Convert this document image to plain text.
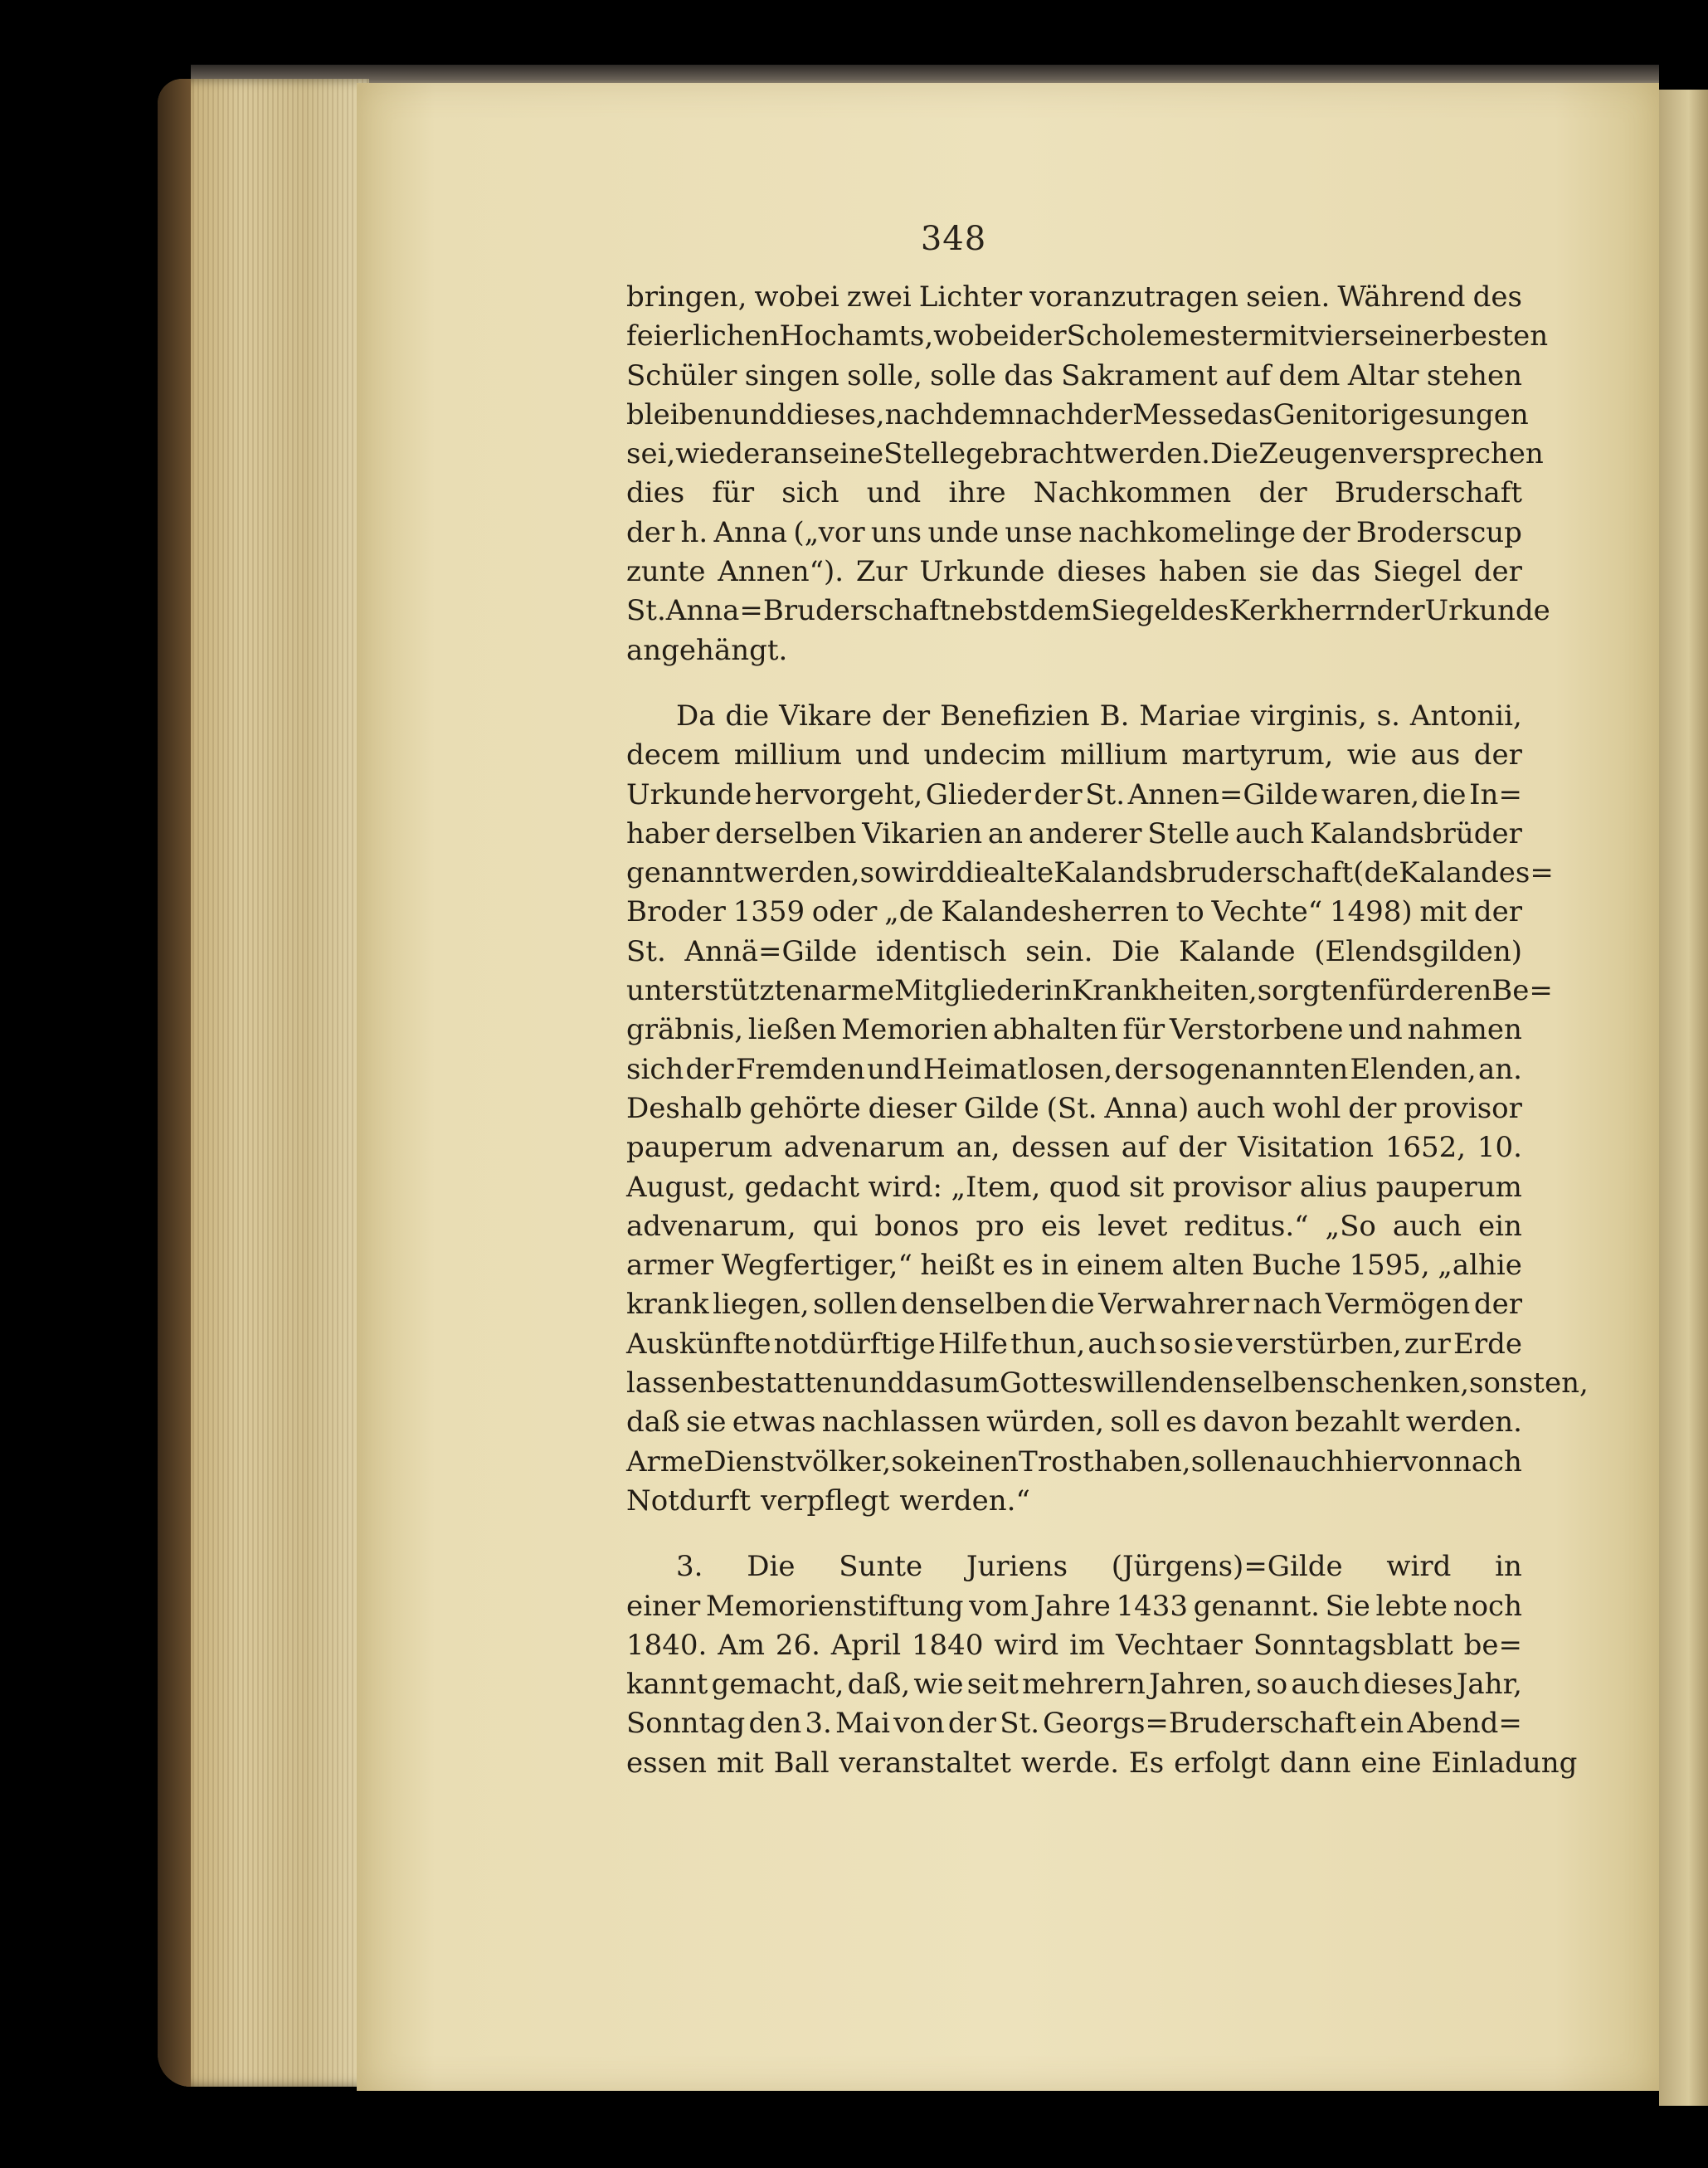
348
bringen, wobei zwei Lichter voranzutragen seien. Während des
feierlichen Hochamts, wobei der Scholemester mit vier seiner besten
Schüler singen solle, solle das Sakrament auf dem Altar stehen
bleiben und dieses, nachdem nach der Messe das Genitori gesungen
sei, wieder an seine Stelle gebracht werden. Die Zeugen versprechen
dies für sich und ihre Nachkommen der Bruderschaft
der h. Anna („vor uns unde unse nachkomelinge der Broderscup
zunte Annen“). Zur Urkunde dieses haben sie das Siegel der
St. Anna=Bruderschaft nebst dem Siegel des Kerkherrn der Urkunde
angehängt.
Da die Vikare der Benefizien B. Mariae virginis, s. Antonii,
decem millium und undecim millium martyrum, wie aus der
Urkunde hervorgeht, Glieder der St. Annen=Gilde waren, die In=
haber derselben Vikarien an anderer Stelle auch Kalandsbrüder
genannt werden, so wird die alte Kalandsbruderschaft (de Kalandes=
Broder 1359 oder „de Kalandesherren to Vechte“ 1498) mit der
St. Annä=Gilde identisch sein. Die Kalande (Elendsgilden)
unterstützten arme Mitglieder in Krankheiten, sorgten für deren Be=
gräbnis, ließen Memorien abhalten für Verstorbene und nahmen
sich der Fremden und Heimatlosen, der sogenannten Elenden, an.
Deshalb gehörte dieser Gilde (St. Anna) auch wohl der provisor
pauperum advenarum an, dessen auf der Visitation 1652, 10.
August, gedacht wird: „Item, quod sit provisor alius pauperum
advenarum, qui bonos pro eis levet reditus.“ „So auch ein
armer Wegfertiger,“ heißt es in einem alten Buche 1595, „alhie
krank liegen, sollen denselben die Verwahrer nach Vermögen der
Auskünfte notdürftige Hilfe thun, auch so sie verstürben, zur Erde
lassen bestatten und das um Gotteswillen denselben schenken, sonsten,
daß sie etwas nachlassen würden, soll es davon bezahlt werden.
Arme Dienstvölker, so keinen Trost haben, sollen auch hiervon nach
Notdurft verpflegt werden.“
3. Die Sunte Juriens (Jürgens)=Gilde wird in
einer Memorienstiftung vom Jahre 1433 genannt. Sie lebte noch
1840. Am 26. April 1840 wird im Vechtaer Sonntagsblatt be=
kannt gemacht, daß, wie seit mehrern Jahren, so auch dieses Jahr,
Sonntag den 3. Mai von der St. Georgs=Bruderschaft ein Abend=
essen mit Ball veranstaltet werde. Es erfolgt dann eine Einladung
